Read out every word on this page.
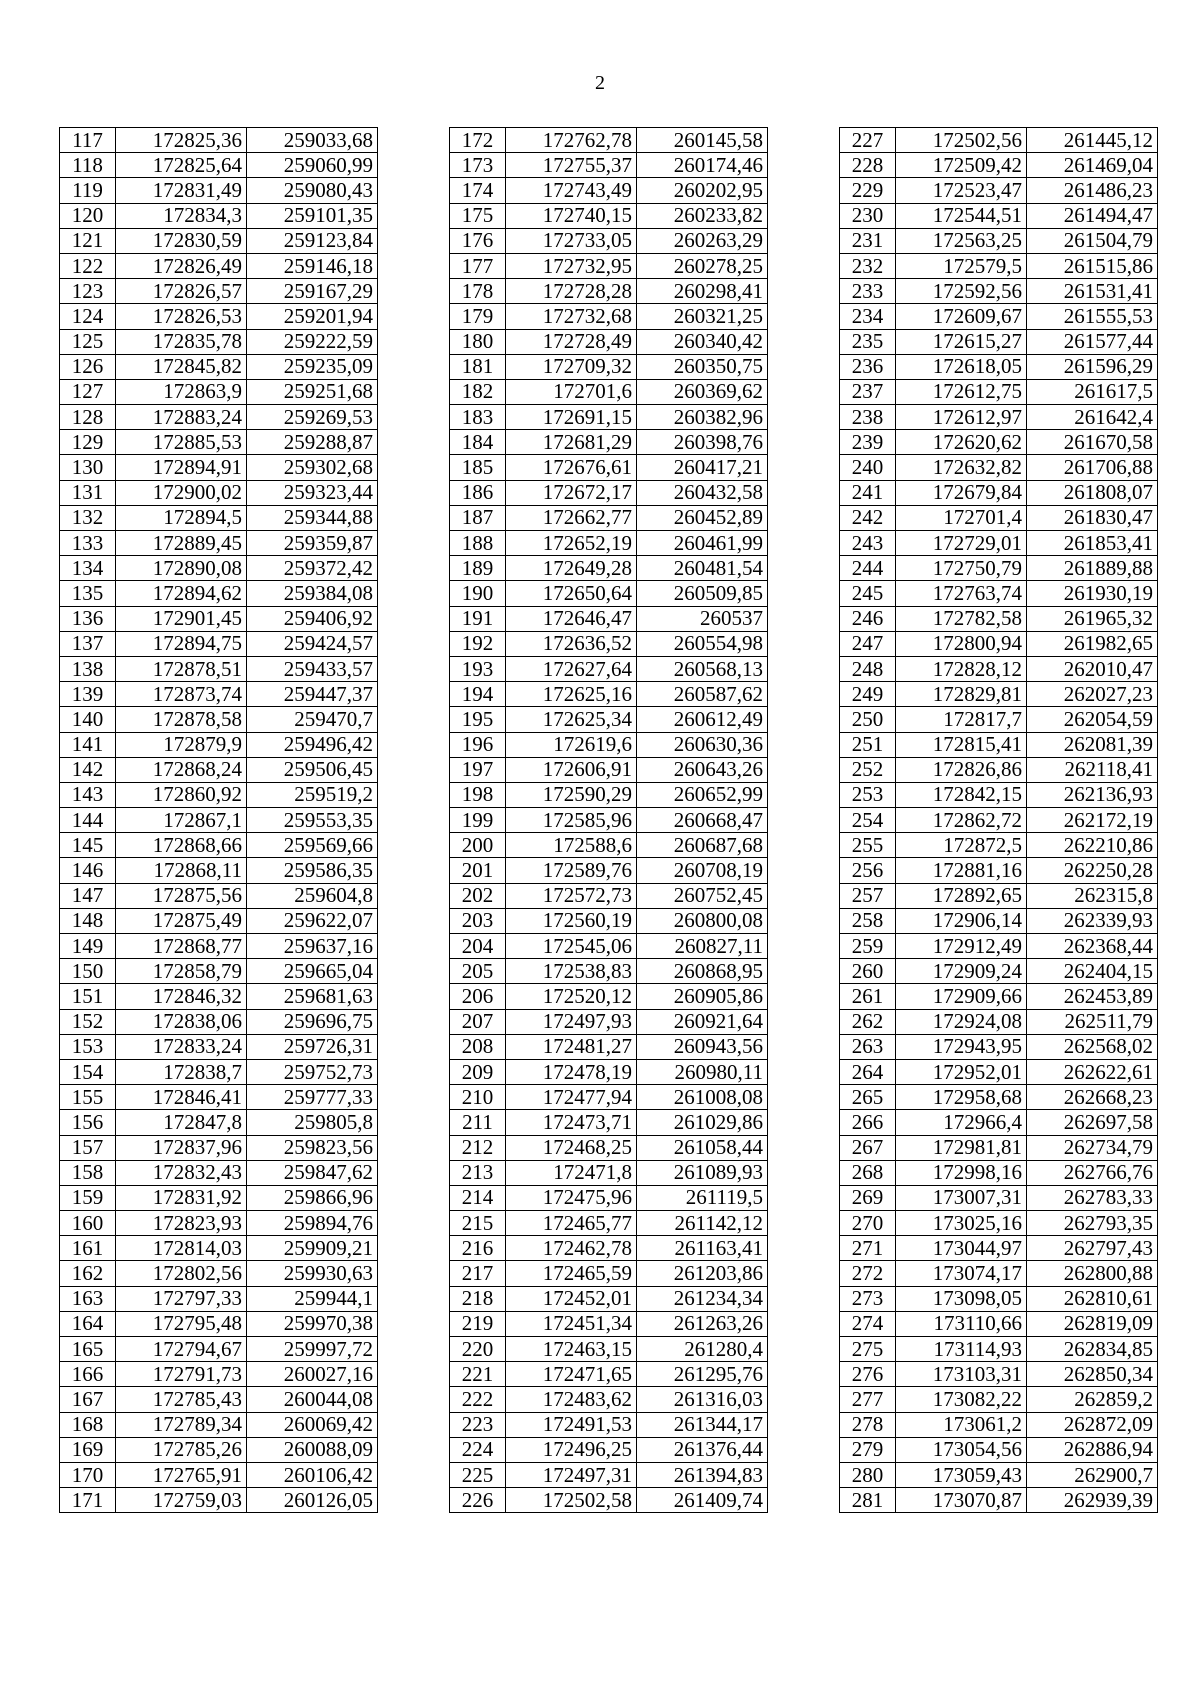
2
117	172825,36	259033,68
118	172825,64	259060,99
119	172831,49	259080,43
120	172834,3	259101,35
121	172830,59	259123,84
122	172826,49	259146,18
123	172826,57	259167,29
124	172826,53	259201,94
125	172835,78	259222,59
126	172845,82	259235,09
127	172863,9	259251,68
128	172883,24	259269,53
129	172885,53	259288,87
130	172894,91	259302,68
131	172900,02	259323,44
132	172894,5	259344,88
133	172889,45	259359,87
134	172890,08	259372,42
135	172894,62	259384,08
136	172901,45	259406,92
137	172894,75	259424,57
138	172878,51	259433,57
139	172873,74	259447,37
140	172878,58	259470,7
141	172879,9	259496,42
142	172868,24	259506,45
143	172860,92	259519,2
144	172867,1	259553,35
145	172868,66	259569,66
146	172868,11	259586,35
147	172875,56	259604,8
148	172875,49	259622,07
149	172868,77	259637,16
150	172858,79	259665,04
151	172846,32	259681,63
152	172838,06	259696,75
153	172833,24	259726,31
154	172838,7	259752,73
155	172846,41	259777,33
156	172847,8	259805,8
157	172837,96	259823,56
158	172832,43	259847,62
159	172831,92	259866,96
160	172823,93	259894,76
161	172814,03	259909,21
162	172802,56	259930,63
163	172797,33	259944,1
164	172795,48	259970,38
165	172794,67	259997,72
166	172791,73	260027,16
167	172785,43	260044,08
168	172789,34	260069,42
169	172785,26	260088,09
170	172765,91	260106,42
171	172759,03	260126,05
172	172762,78	260145,58
173	172755,37	260174,46
174	172743,49	260202,95
175	172740,15	260233,82
176	172733,05	260263,29
177	172732,95	260278,25
178	172728,28	260298,41
179	172732,68	260321,25
180	172728,49	260340,42
181	172709,32	260350,75
182	172701,6	260369,62
183	172691,15	260382,96
184	172681,29	260398,76
185	172676,61	260417,21
186	172672,17	260432,58
187	172662,77	260452,89
188	172652,19	260461,99
189	172649,28	260481,54
190	172650,64	260509,85
191	172646,47	260537
192	172636,52	260554,98
193	172627,64	260568,13
194	172625,16	260587,62
195	172625,34	260612,49
196	172619,6	260630,36
197	172606,91	260643,26
198	172590,29	260652,99
199	172585,96	260668,47
200	172588,6	260687,68
201	172589,76	260708,19
202	172572,73	260752,45
203	172560,19	260800,08
204	172545,06	260827,11
205	172538,83	260868,95
206	172520,12	260905,86
207	172497,93	260921,64
208	172481,27	260943,56
209	172478,19	260980,11
210	172477,94	261008,08
211	172473,71	261029,86
212	172468,25	261058,44
213	172471,8	261089,93
214	172475,96	261119,5
215	172465,77	261142,12
216	172462,78	261163,41
217	172465,59	261203,86
218	172452,01	261234,34
219	172451,34	261263,26
220	172463,15	261280,4
221	172471,65	261295,76
222	172483,62	261316,03
223	172491,53	261344,17
224	172496,25	261376,44
225	172497,31	261394,83
226	172502,58	261409,74
227	172502,56	261445,12
228	172509,42	261469,04
229	172523,47	261486,23
230	172544,51	261494,47
231	172563,25	261504,79
232	172579,5	261515,86
233	172592,56	261531,41
234	172609,67	261555,53
235	172615,27	261577,44
236	172618,05	261596,29
237	172612,75	261617,5
238	172612,97	261642,4
239	172620,62	261670,58
240	172632,82	261706,88
241	172679,84	261808,07
242	172701,4	261830,47
243	172729,01	261853,41
244	172750,79	261889,88
245	172763,74	261930,19
246	172782,58	261965,32
247	172800,94	261982,65
248	172828,12	262010,47
249	172829,81	262027,23
250	172817,7	262054,59
251	172815,41	262081,39
252	172826,86	262118,41
253	172842,15	262136,93
254	172862,72	262172,19
255	172872,5	262210,86
256	172881,16	262250,28
257	172892,65	262315,8
258	172906,14	262339,93
259	172912,49	262368,44
260	172909,24	262404,15
261	172909,66	262453,89
262	172924,08	262511,79
263	172943,95	262568,02
264	172952,01	262622,61
265	172958,68	262668,23
266	172966,4	262697,58
267	172981,81	262734,79
268	172998,16	262766,76
269	173007,31	262783,33
270	173025,16	262793,35
271	173044,97	262797,43
272	173074,17	262800,88
273	173098,05	262810,61
274	173110,66	262819,09
275	173114,93	262834,85
276	173103,31	262850,34
277	173082,22	262859,2
278	173061,2	262872,09
279	173054,56	262886,94
280	173059,43	262900,7
281	173070,87	262939,39
